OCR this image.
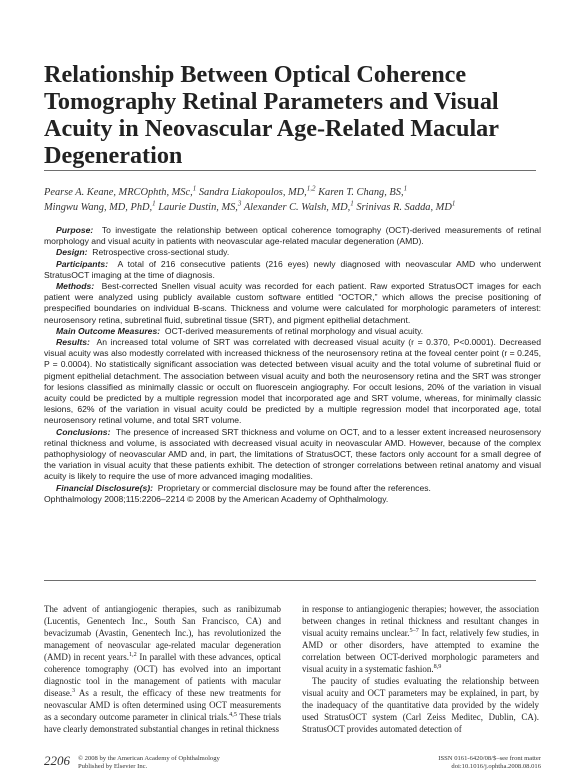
Relationship Between Optical Coherence Tomography Retinal Parameters and Visual Acuity in Neovascular Age-Related Macular Degeneration
Pearse A. Keane, MRCOphth, MSc,$^1$ Sandra Liakopoulos, MD,$^{1,2}$ Karen T. Chang, BS,$^1$
Mingwu Wang, MD, PhD,$^1$ Laurie Dustin, MS,$^3$ Alexander C. Walsh, MD,$^1$ Srinivas R. Sadda, $MD^1$

Purpose: To investigate the relationship between optical coherence tomography (OCT)-derived measurements of retinal morphology and visual acuity in patients with neovascular age-related macular degeneration (AMD).

Design: Retrospective cross-sectional study.

Participants: A total of 216 consecutive patients (216 eyes) newly diagnosed with neovascular AMD who underwent StratusOCT imaging at the time of diagnosis.

Methods: Best-corrected Snellen visual acuity was recorded for each patient. Raw exported StratusOCT images for each patient were analyzed using publicly available custom software entitled “OCTOR,” which allows the precise positioning of prespecified boundaries on individual B-scans. Thickness and volume were calculated for morphologic parameters of interest: neurosensory retina, subretinal fluid, subretinal tissue (SRT), and pigment epithelial detachment.

Main Outcome Measures: OCT-derived measurements of retinal morphology and visual acuity.

Results: An increased total volume of SRT was correlated with decreased visual acuity (r = 0.370, P<0.0001). Decreased visual acuity was also modestly correlated with increased thickness of the neurosensory retina at the foveal center point (r = 0.245, P = 0.0004). No statistically significant association was detected between visual acuity and the total volume of subretinal fluid or pigment epithelial detachment. The association between visual acuity and both the neurosensory retina and the SRT was stronger for lesions classified as minimally classic or occult on fluorescein angiography. For occult lesions, 20% of the variation in visual acuity could be predicted by a multiple regression model that incorporated age and SRT volume, whereas, for minimally classic lesions, 62% of the variation in visual acuity could be predicted by a multiple regression model that incorporated age, total neurosensory retinal volume, and total SRT volume.

Conclusions: The presence of increased SRT thickness and volume on OCT, and to a lesser extent increased neurosensory retinal thickness and volume, is associated with decreased visual acuity in neovascular AMD. However, because of the complex pathophysiology of neovascular AMD and, in part, the limitations of StratusOCT, these factors only account for a small degree of the variation in visual acuity that these patients exhibit. The detection of stronger correlations between retinal anatomy and visual acuity is likely to require the use of more advanced imaging modalities.

Financial Disclosure(s): Proprietary or commercial disclosure may be found after the references.

Ophthalmology 2008;115:2206–2214 © 2008 by the American Academy of Ophthalmology.

The advent of antiangiogenic therapies, such as ranibizumab (Lucentis, Genentech Inc., South San Francisco, CA) and bevacizumab (Avastin, Genentech Inc.), has revolutionized the management of neovascular age-related macular degeneration (AMD) in recent years.$^{1,2}$ In parallel with these advances, optical coherence tomography (OCT) has evolved into an important diagnostic tool in the management of patients with macular disease.$^3$ As a result, the efficacy of these new treatments for neovascular AMD is often determined using OCT measurements as a secondary outcome parameter in clinical trials.$^{4,5}$ These trials have clearly demonstrated substantial changes in retinal thickness

in response to antiangiogenic therapies; however, the association between changes in retinal thickness and resultant changes in visual acuity remains unclear.$^{5-7}$ In fact, relatively few studies, in AMD or other disorders, have attempted to examine the correlation between OCT-derived morphologic parameters and visual acuity in a systematic fashion.$^{8,9}$

The paucity of studies evaluating the relationship between visual acuity and OCT parameters may be explained, in part, by the inadequacy of the quantitative data provided by the widely used StratusOCT system (Carl Zeiss Meditec, Dublin, CA). StratusOCT provides automated detection of

2206 © 2008 by the American Academy of Ophthalmology
Published by Elsevier Inc.
ISSN 0161-6420/08/$–see front matter
doi:10.1016/j.ophtha.2008.08.016
